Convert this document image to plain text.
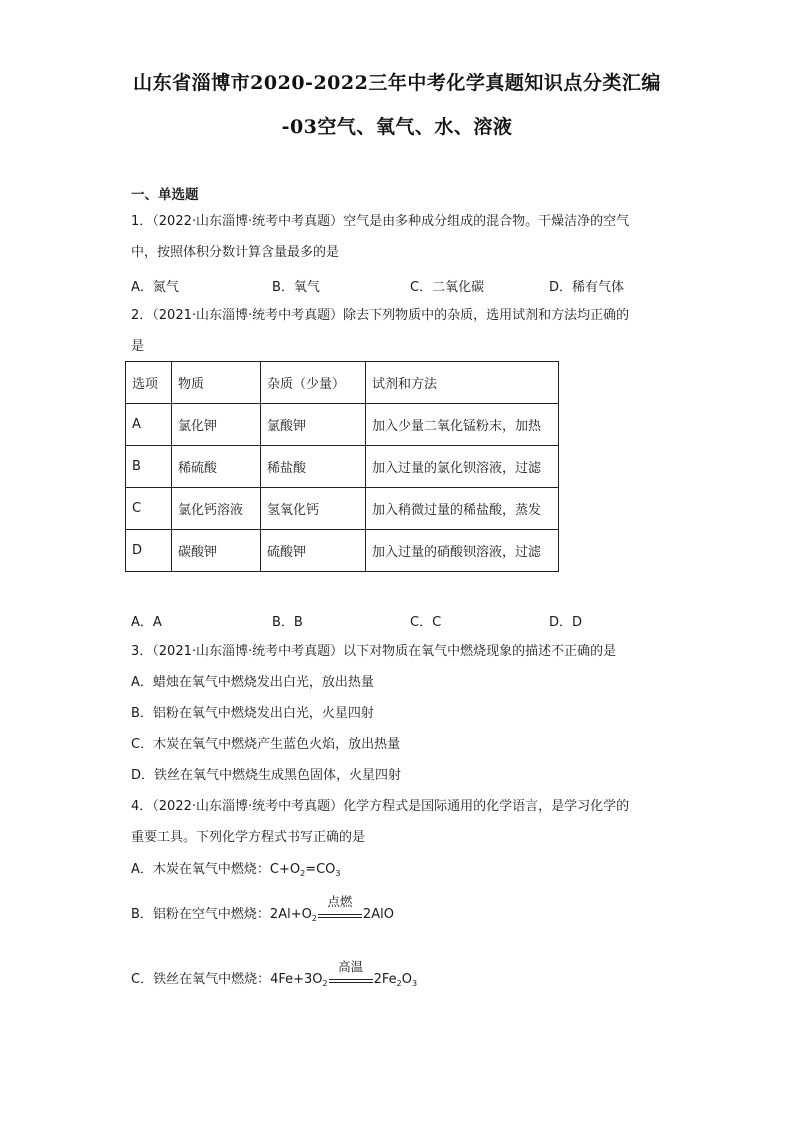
山东省淄博市2020-2022三年中考化学真题知识点分类汇编
-03空气、氧气、水、溶液
一、单选题
1．（2022·山东淄博·统考中考真题）空气是由多种成分组成的混合物。干燥洁净的空气
中，按照体积分数计算含量最多的是
A．氮气	B．氧气	C．二氧化碳	D．稀有气体
2．（2021·山东淄博·统考中考真题）除去下列物质中的杂质，选用试剂和方法均正确的
是
选项	物质	杂质（少量）	试剂和方法
A	氯化钾	氯酸钾	加入少量二氧化锰粉末，加热
B	稀硫酸	稀盐酸	加入过量的氯化钡溶液，过滤
C	氯化钙溶液	氢氧化钙	加入稍微过量的稀盐酸，蒸发
D	碳酸钾	硫酸钾	加入过量的硝酸钡溶液，过滤
A．A	B．B	C．C	D．D
3．（2021·山东淄博·统考中考真题）以下对物质在氧气中燃烧现象的描述不正确的是
A．蜡烛在氧气中燃烧发出白光，放出热量
B．铝粉在氧气中燃烧发出白光，火星四射
C．木炭在氧气中燃烧产生蓝色火焰，放出热量
D．铁丝在氧气中燃烧生成黑色固体，火星四射
4．（2022·山东淄博·统考中考真题）化学方程式是国际通用的化学语言，是学习化学的
重要工具。下列化学方程式书写正确的是
A．木炭在氧气中燃烧：$C+O_2=CO_3$
B．铝粉在空气中燃烧：$2Al+O_2$
点燃
2AlO
C．铁丝在氧气中燃烧：$4Fe+3O_2$
高温
$2Fe_2O_3$
